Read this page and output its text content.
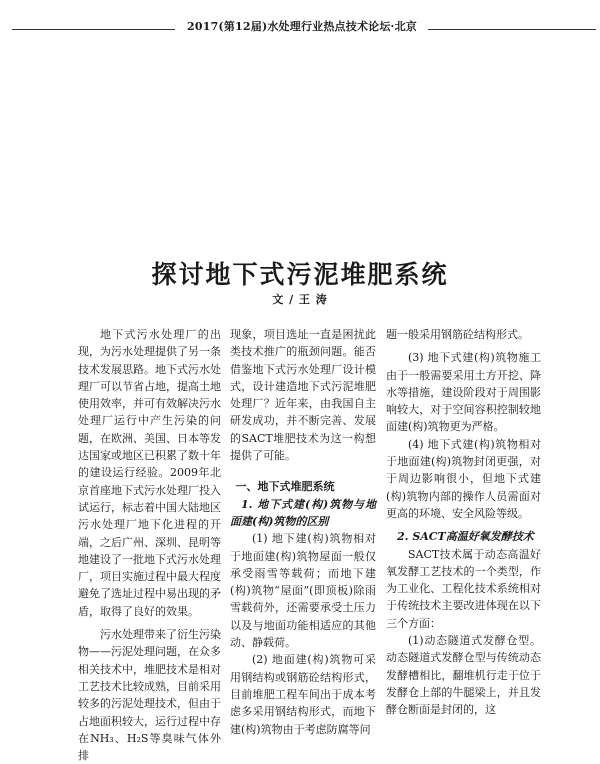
2017(第12届)水处理行业热点技术论坛·北京
探讨地下式污泥堆肥系统
文 / 王 涛

地下式污水处理厂的出现，为污水处理提供了另一条技术发展思路。地下式污水处理厂可以节省占地，提高土地使用效率，并可有效解决污水处理厂运行中产生污染的问题，在欧洲、美国、日本等发达国家或地区已积累了数十年的建设运行经验。2009年北京首座地下式污水处理厂投入试运行，标志着中国大陆地区污水处理厂地下化进程的开端，之后广州、深圳、昆明等地建设了一批地下式污水处理厂，项目实施过程中最大程度避免了选址过程中易出现的矛盾，取得了良好的效果。

污水处理带来了衍生污染物——污泥处理问题，在众多相关技术中，堆肥技术是相对工艺技术比较成熟，目前采用较多的污泥处理技术，但由于占地面积较大，运行过程中存在NH₃、H₂S等臭味气体外排

现象，项目选址一直是困扰此类技术推广的瓶颈问题。能否借鉴地下式污水处理厂设计模式，设计建造地下式污泥堆肥处理厂？近年来，由我国自主研发成功，并不断完善、发展的SACT堆肥技术为这一构想提供了可能。

一、地下式堆肥系统
1. 地下式建(构)筑物与地面建(构)筑物的区别

(1) 地下建(构)筑物相对于地面建(构)筑物屋面一般仅承受雨雪等载荷；而地下建(构)筑物“屋面”(即顶板)除雨雪载荷外，还需要承受土压力以及与地面功能相适应的其他动、静载荷。

(2) 地面建(构)筑物可采用钢结构或钢筋砼结构形式，目前堆肥工程车间出于成本考虑多采用钢结构形式，而地下建(构)筑物由于考虑防腐等问

题一般采用钢筋砼结构形式。

(3) 地下式建(构)筑物施工由于一般需要采用土方开挖、降水等措施，建设阶段对于周围影响较大，对于空间容积控制较地面建(构)筑物更为严格。

(4) 地下式建(构)筑物相对于地面建(构)筑物封闭更强，对于周边影响很小，但地下式建(构)筑物内部的操作人员需面对更高的环境、安全风险等级。

2. SACT高温好氧发酵技术

SACT技术属于动态高温好氧发酵工艺技术的一个类型，作为工业化、工程化技术系统相对于传统技术主要改进体现在以下三个方面：

(1)动态隧道式发酵仓型。动态隧道式发酵仓型与传统动态发酵槽相比，翻堆机行走于位于发酵仓上部的牛腿梁上，并且发酵仓断面是封闭的，这
